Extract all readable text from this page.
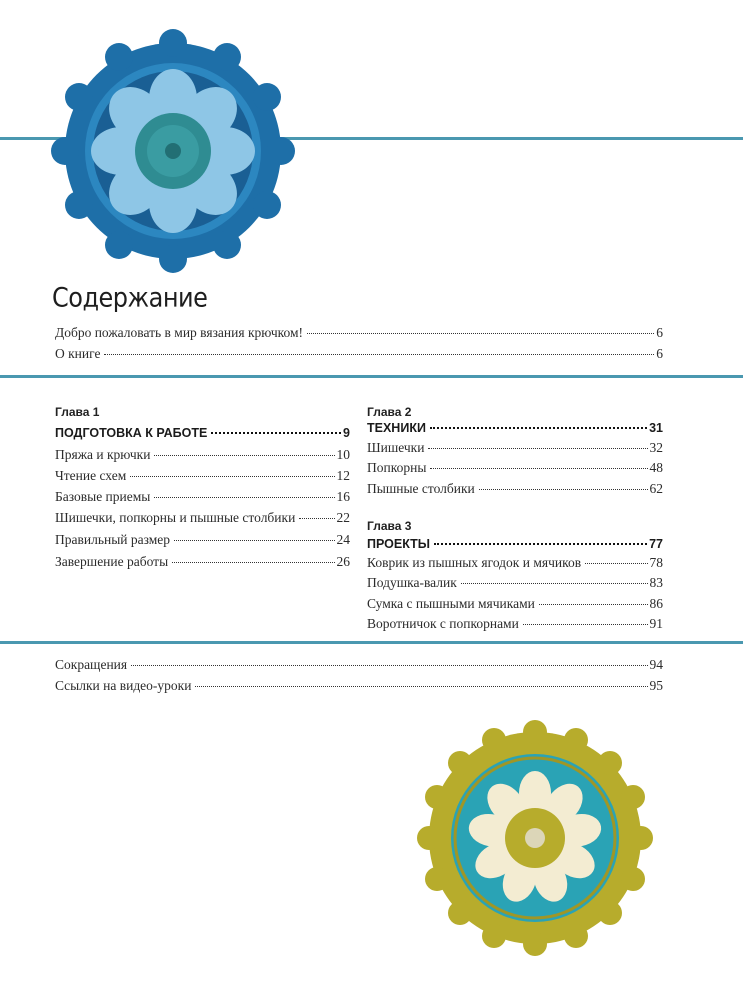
Содержание
Добро пожаловать в мир вязания крючком!	6
О книге	6
Глава 1
ПОДГОТОВКА К РАБОТЕ	9
Пряжа и крючки	10
Чтение схем	12
Базовые приемы	16
Шишечки, попкорны и пышные столбики	22
Правильный размер	24
Завершение работы	26
Глава 2
ТЕХНИКИ	31
Шишечки	32
Попкорны	48
Пышные столбики	62
Глава 3
ПРОЕКТЫ	77
Коврик из пышных ягодок и мячиков	78
Подушка-валик	83
Сумка с пышными мячиками	86
Воротничок с попкорнами	91
Сокращения	94
Ссылки на видео-уроки	95
